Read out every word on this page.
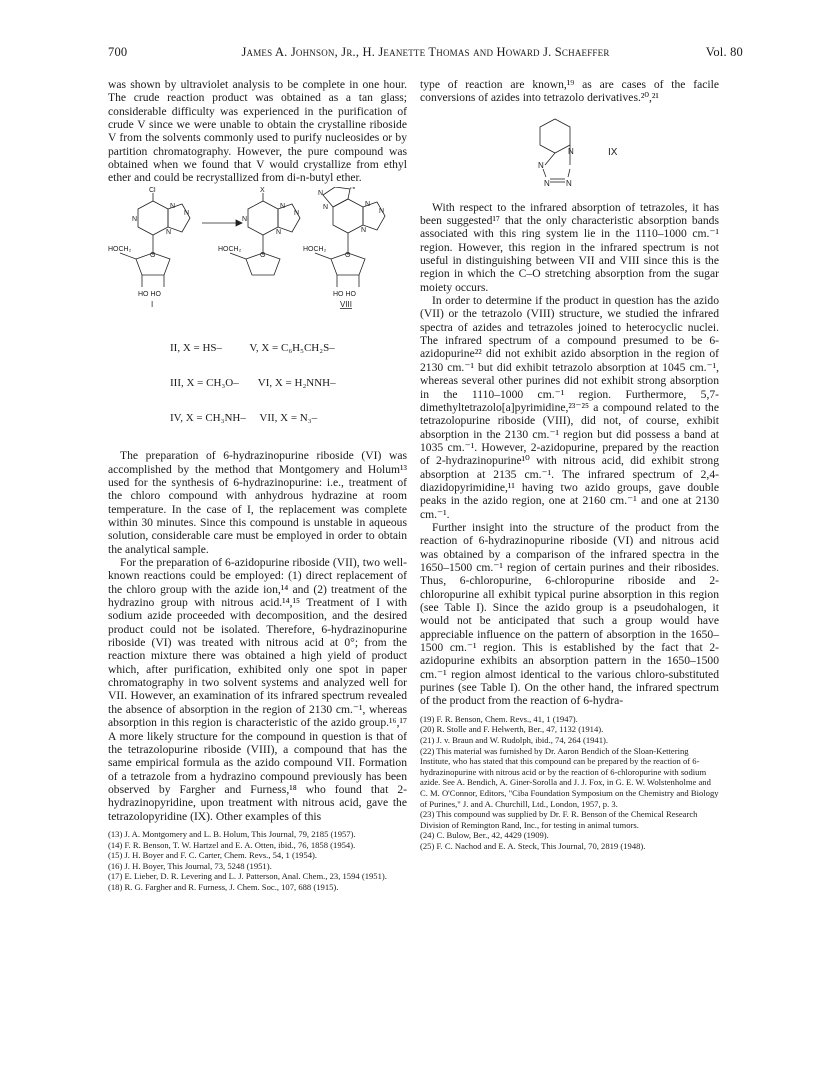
700	James A. Johnson, Jr., H. Jeanette Thomas and Howard J. Schaeffer	Vol. 80

was shown by ultraviolet analysis to be complete in one hour. The crude reaction product was obtained as a tan glass; considerable difficulty was experienced in the purification of crude V since we were unable to obtain the crystalline riboside V from the solvents commonly used to purify nucleosides or by partition chromatography. However, the pure compound was obtained when we found that V would crystallize from ethyl ether and could be recrystallized from di-n-butyl ether.

Cl	X
N
N
N
N
N
N
N
N
N
N
N	N
N
N
HOCH₂	HOCH₂	HOCH₂
O	O	O
HO HO	HO HO
I	VIII

II, X = HS–          V, X = C₆H₅CH₂S–

III, X = CH₃O–       VI, X = H₂NNH–

IV, X = CH₃NH–     VII, X = N₃–

The preparation of 6-hydrazinopurine riboside (VI) was accomplished by the method that Montgomery and Holum¹³ used for the synthesis of 6-hydrazinopurine: i.e., treatment of the chloro compound with anhydrous hydrazine at room temperature. In the case of I, the replacement was complete within 30 minutes. Since this compound is unstable in aqueous solution, considerable care must be employed in order to obtain the analytical sample.

For the preparation of 6-azidopurine riboside (VII), two well-known reactions could be employed: (1) direct replacement of the chloro group with the azide ion,¹⁴ and (2) treatment of the hydrazino group with nitrous acid.¹⁴,¹⁵ Treatment of I with sodium azide proceeded with decomposition, and the desired product could not be isolated. Therefore, 6-hydrazinopurine riboside (VI) was treated with nitrous acid at 0°; from the reaction mixture there was obtained a high yield of product which, after purification, exhibited only one spot in paper chromatography in two solvent systems and analyzed well for VII. However, an examination of its infrared spectrum revealed the absence of absorption in the region of 2130 cm.⁻¹, whereas absorption in this region is characteristic of the azido group.¹⁶,¹⁷ A more likely structure for the compound in question is that of the tetrazolopurine riboside (VIII), a compound that has the same empirical formula as the azido compound VII. Formation of a tetrazole from a hydrazino compound previously has been observed by Fargher and Furness,¹⁸ who found that 2-hydrazinopyridine, upon treatment with nitrous acid, gave the tetrazolopyridine (IX). Other examples of this

(13) J. A. Montgomery and L. B. Holum, This Journal, 79, 2185 (1957).

(14) F. R. Benson, T. W. Hartzel and E. A. Otten, ibid., 76, 1858 (1954).

(15) J. H. Boyer and F. C. Carter, Chem. Revs., 54, 1 (1954).

(16) J. H. Boyer, This Journal, 73, 5248 (1951).

(17) E. Lieber, D. R. Levering and L. J. Patterson, Anal. Chem., 23, 1594 (1951).

(18) R. G. Fargher and R. Furness, J. Chem. Soc., 107, 688 (1915).

type of reaction are known,¹⁹ as are cases of the facile conversions of azides into tetrazolo derivatives.²⁰,²¹

N
N
N N
IX

With respect to the infrared absorption of tetrazoles, it has been suggested¹⁷ that the only characteristic absorption bands associated with this ring system lie in the 1110–1000 cm.⁻¹ region. However, this region in the infrared spectrum is not useful in distinguishing between VII and VIII since this is the region in which the C–O stretching absorption from the sugar moiety occurs.

In order to determine if the product in question has the azido (VII) or the tetrazolo (VIII) structure, we studied the infrared spectra of azides and tetrazoles joined to heterocyclic nuclei. The infrared spectrum of a compound presumed to be 6-azidopurine²² did not exhibit azido absorption in the region of 2130 cm.⁻¹ but did exhibit tetrazolo absorption at 1045 cm.⁻¹, whereas several other purines did not exhibit strong absorption in the 1110–1000 cm.⁻¹ region. Furthermore, 5,7-dimethyltetrazolo[a]pyrimidine,²³⁻²⁵ a compound related to the tetrazolopurine riboside (VIII), did not, of course, exhibit absorption in the 2130 cm.⁻¹ region but did possess a band at 1035 cm.⁻¹. However, 2-azidopurine, prepared by the reaction of 2-hydrazinopurine¹⁰ with nitrous acid, did exhibit strong absorption at 2135 cm.⁻¹. The infrared spectrum of 2,4-diazidopyrimidine,¹¹ having two azido groups, gave double peaks in the azido region, one at 2160 cm.⁻¹ and one at 2130 cm.⁻¹.

Further insight into the structure of the product from the reaction of 6-hydrazinopurine riboside (VI) and nitrous acid was obtained by a comparison of the infrared spectra in the 1650–1500 cm.⁻¹ region of certain purines and their ribosides. Thus, 6-chloropurine, 6-chloropurine riboside and 2-chloropurine all exhibit typical purine absorption in this region (see Table I). Since the azido group is a pseudohalogen, it would not be anticipated that such a group would have appreciable influence on the pattern of absorption in the 1650–1500 cm.⁻¹ region. This is established by the fact that 2-azidopurine exhibits an absorption pattern in the 1650–1500 cm.⁻¹ region almost identical to the various chloro-substituted purines (see Table I). On the other hand, the infrared spectrum of the product from the reaction of 6-hydra-

(19) F. R. Benson, Chem. Revs., 41, 1 (1947).

(20) R. Stolle and F. Helwerth, Ber., 47, 1132 (1914).

(21) J. v. Braun and W. Rudolph, ibid., 74, 264 (1941).

(22) This material was furnished by Dr. Aaron Bendich of the Sloan-Kettering Institute, who has stated that this compound can be prepared by the reaction of 6-hydrazinopurine with nitrous acid or by the reaction of 6-chloropurine with sodium azide. See A. Bendich, A. Giner-Sorolla and J. J. Fox, in G. E. W. Wolstenholme and C. M. O'Connor, Editors, "Ciba Foundation Symposium on the Chemistry and Biology of Purines," J. and A. Churchill, Ltd., London, 1957, p. 3.

(23) This compound was supplied by Dr. F. R. Benson of the Chemical Research Division of Remington Rand, Inc., for testing in animal tumors.

(24) C. Bulow, Ber., 42, 4429 (1909).

(25) F. C. Nachod and E. A. Steck, This Journal, 70, 2819 (1948).
